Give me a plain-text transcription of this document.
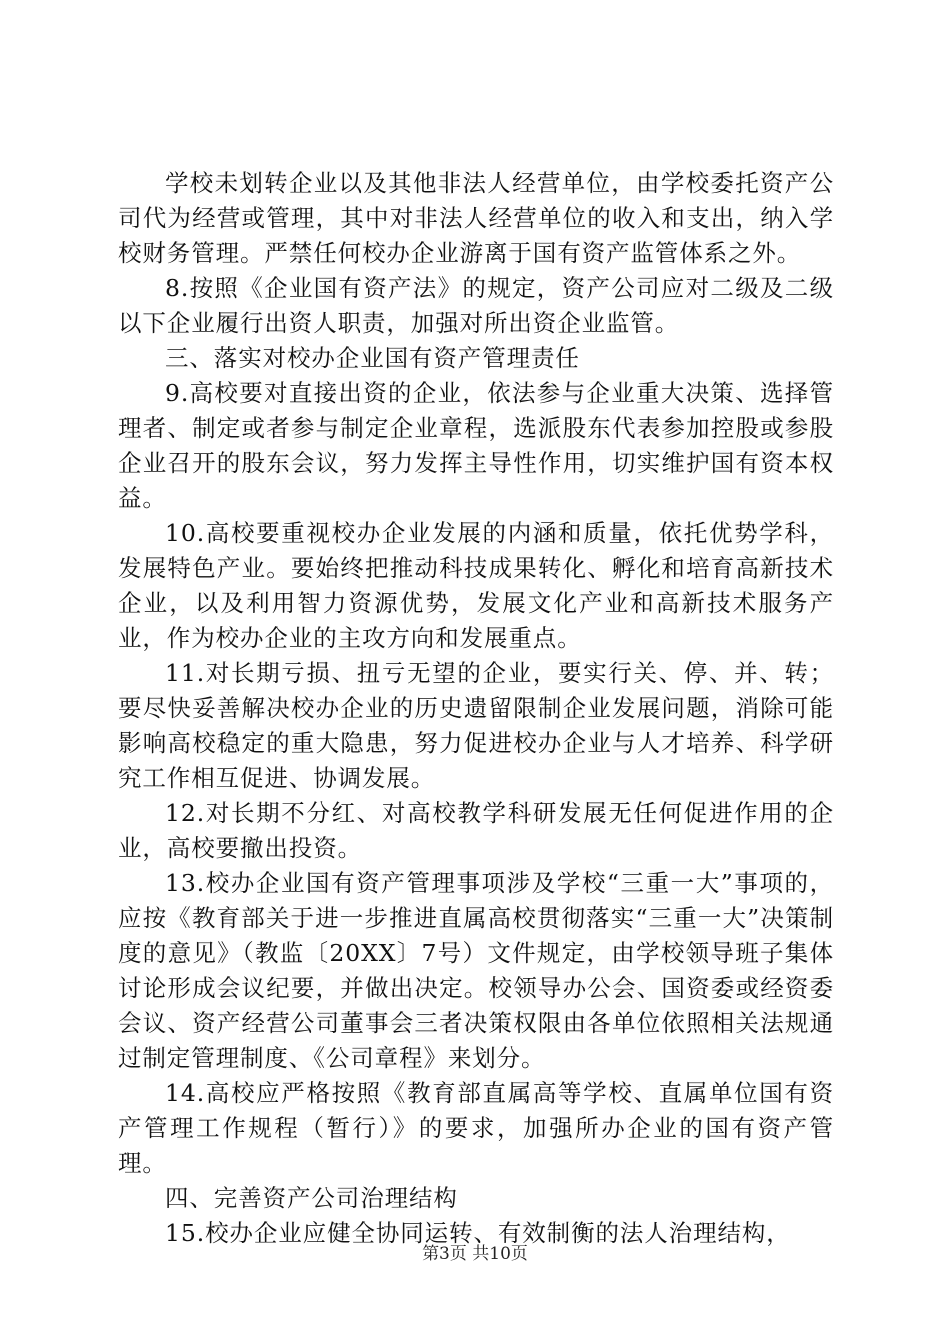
学校未划转企业以及其他非法人经营单位，由学校委托资产公司代为经营或管理，其中对非法人经营单位的收入和支出，纳入学校财务管理。严禁任何校办企业游离于国有资产监管体系之外。

8.按照《企业国有资产法》的规定，资产公司应对二级及二级以下企业履行出资人职责，加强对所出资企业监管。

三、落实对校办企业国有资产管理责任

9.高校要对直接出资的企业，依法参与企业重大决策、选择管理者、制定或者参与制定企业章程，选派股东代表参加控股或参股企业召开的股东会议，努力发挥主导性作用，切实维护国有资本权益。

10.高校要重视校办企业发展的内涵和质量，依托优势学科，发展特色产业。要始终把推动科技成果转化、孵化和培育高新技术企业，以及利用智力资源优势，发展文化产业和高新技术服务产业，作为校办企业的主攻方向和发展重点。

11.对长期亏损、扭亏无望的企业，要实行关、停、并、转；要尽快妥善解决校办企业的历史遗留限制企业发展问题，消除可能影响高校稳定的重大隐患，努力促进校办企业与人才培养、科学研究工作相互促进、协调发展。

12.对长期不分红、对高校教学科研发展无任何促进作用的企业，高校要撤出投资。

13.校办企业国有资产管理事项涉及学校“三重一大”事项的，应按《教育部关于进一步推进直属高校贯彻落实“三重一大”决策制度的意见》（教监〔20XX〕7号）文件规定，由学校领导班子集体讨论形成会议纪要，并做出决定。校领导办公会、国资委或经资委会议、资产经营公司董事会三者决策权限由各单位依照相关法规通过制定管理制度、《公司章程》来划分。

14.高校应严格按照《教育部直属高等学校、直属单位国有资产管理工作规程（暂行）》的要求，加强所办企业的国有资产管理。

四、完善资产公司治理结构

15.校办企业应健全协同运转、有效制衡的法人治理结构，

第3页 共10页
